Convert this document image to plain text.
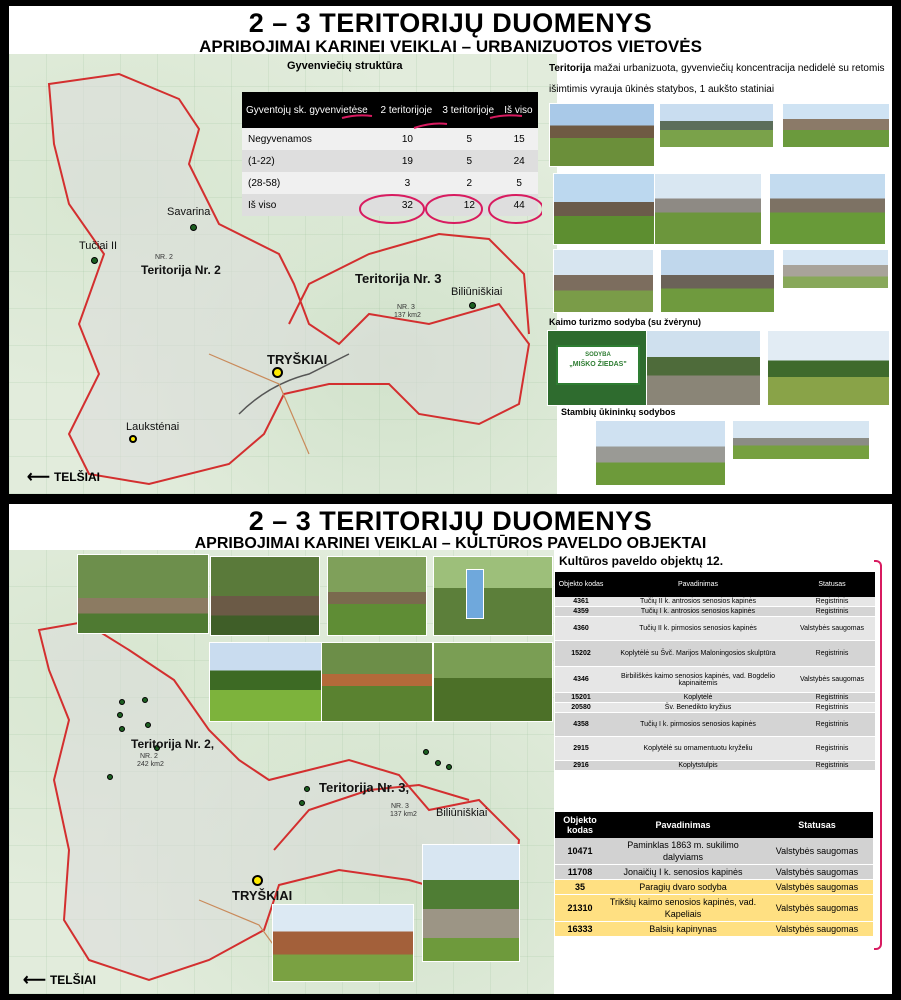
Savarina
Tučiai II
NR. 2
Teritorija Nr. 2
Teritorija Nr. 3
Biliūniškiai
NR. 3
137 km2
TRYŠKIAI
Lauksténai
⟵ TELŠIAI
2 – 3 TERITORIJŲ DUOMENYS
APRIBOJIMAI KARINEI VEIKLAI – URBANIZUOTOS VIETOVĖS
Gyvenviečių struktūra
Gyventojų sk. gyvenvietėse	2 teritorijoje	3 teritorijoje	Iš viso
Negyvenamos	10	5	15
(1-22)	19	5	24
(28-58)	3	2	5
Iš viso	32	12	44
Teritorija mažai urbanizuota, gyvenviečių koncentracija nedidelė su retomis išimtimis vyrauja ūkinės statybos, 1 aukšto statiniai
Kaimo turizmo sodyba (su žvėrynu)
SODYBA
„MIŠKO ŽIEDAS"
Stambių ūkininkų sodybos
Teritorija Nr. 2,
NR. 2
242 km2
Teritorija Nr. 3,
NR. 3
137 km2 Biliūniškiai
TRYŠKIAI
⟵ TELŠIAI
2 – 3 TERITORIJŲ DUOMENYS
APRIBOJIMAI KARINEI VEIKLAI – KULTŪROS PAVELDO OBJEKTAI
Kultūros paveldo objektų 12.
Objekto kodas	Pavadinimas	Statusas
4361	Tučių II k. antrosios senosios kapinės	Registrinis
4359	Tučių I k. antrosios senosios kapinės	Registrinis
4360	Tučių II k. pirmosios senosios kapinės	Valstybės saugomas
15202	Koplytėlė su Švč. Marijos Maloningosios skulptūra	Registrinis
4346	Birbiliškės kaimo senosios kapinės, vad. Bogdelio kapinaitėmis	Valstybės saugomas
15201	Koplytėlė	Registrinis
20580	Šv. Benedikto kryžius	Registrinis
4358	Tučių I k. pirmosios senosios kapinės	Registrinis
2915	Koplytėlė su ornamentuotu kryželiu	Registrinis
2916	Koplytstulpis	Registrinis
Objekto kodas	Pavadinimas	Statusas
10471	Paminklas 1863 m. sukilimo dalyviams	Valstybės saugomas
11708	Jonaičių I k. senosios kapinės	Valstybės saugomas
35	Paragių dvaro sodyba	Valstybės saugomas
21310	Trikšių kaimo senosios kapinės, vad. Kapeliais	Valstybės saugomas
16333	Balsių kapinynas	Valstybės saugomas
